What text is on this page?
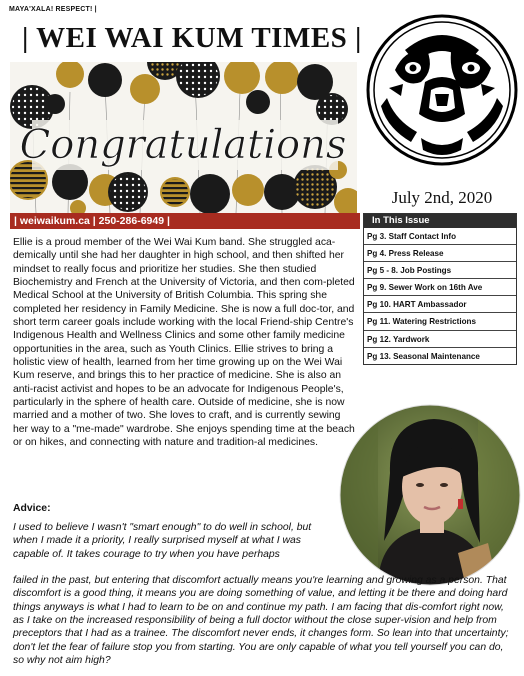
MAYA'XALA! RESPECT! |
| WEI WAI KUM TIMES |
Congratulations
July 2nd, 2020
| weiwaikum.ca | 250-286-6949 |	In This Issue
Pg 3. Staff Contact Info
Pg 4. Press Release
Pg 5 - 8. Job Postings
Pg 9. Sewer Work on 16th Ave
Pg 10. HART Ambassador
Pg 11. Watering Restrictions
Pg 12. Yardwork
Pg 13. Seasonal Maintenance

Ellie is a proud member of the Wei Wai Kum band. She struggled aca-demically until she had her daughter in high school, and then shifted her mindset to really focus and prioritize her studies. She then studied Biochemistry and French at the University of Victoria, and then com-pleted Medical School at the University of British Columbia. This spring she completed her residency in Family Medicine. She is now a full doc-tor, and short term career goals include working with the local Friend-ship Centre's Indigenous Health and Wellness Clinics and some other family medicine opportunities in the area, such as Youth Clinics. Ellie strives to bring a holistic view of health, learned from her time growing up on the Wei Wai Kum reserve, and brings this to her practice of medicine. She is also an anti-racist activist and hopes to be an advocate for Indigenous People's, particularly in the sphere of health care. Outside of medicine, she is now married and a mother of two. She loves to craft, and is currently sewing her way to a "me-made" wardrobe. She enjoys spending time at the beach or on hikes, and connecting with nature and tradition-al medicines.

Advice:
I used to believe I wasn't "smart enough" to do well in school, but when I made it a priority, I really surprised myself at what I was capable of. It takes courage to try when you have perhaps
failed in the past, but entering that discomfort actually means you're learning and growing as a person. That discomfort is a good thing, it means you are doing something of value, and letting it be there and doing hard things anyways is what I had to learn to be on and continue my path. I am facing that dis-comfort right now, as I take on the increased responsibility of being a full doctor without the close super-vision and help from preceptors that I had as a trainee. The discomfort never ends, it changes form. So lean into that uncertainty; don't let the fear of failure stop you from starting. You are only capable of what you tell yourself you can do, so why not aim high?
